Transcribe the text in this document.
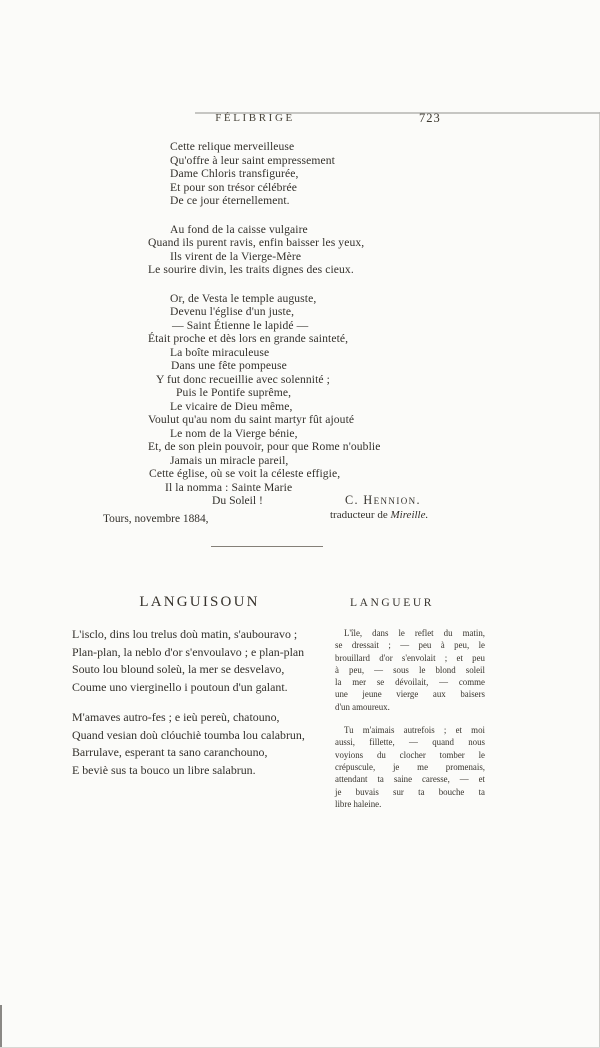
FÉLIBRIGE	723
Cette relique merveilleuse
Qu'offre à leur saint empressement
Dame Chloris transfigurée,
Et pour son trésor célébrée
De ce jour éternellement.
Au fond de la caisse vulgaire
Quand ils purent ravis, enfin baisser les yeux,
Ils virent de la Vierge-Mère
Le sourire divin, les traits dignes des cieux.
Or, de Vesta le temple auguste,
Devenu l'église d'un juste,
— Saint Étienne le lapidé —
Était proche et dès lors en grande sainteté,
La boîte miraculeuse
Dans une fête pompeuse
Y fut donc recueillie avec solennité ;
Puis le Pontife suprême,
Le vicaire de Dieu même,
Voulut qu'au nom du saint martyr fût ajouté
Le nom de la Vierge bénie,
Et, de son plein pouvoir, pour que Rome n'oublie
Jamais un miracle pareil,
Cette église, où se voit la céleste effigie,
Il la nomma : Sainte Marie
Du Soleil !	C. Hennion.
Tours, novembre 1884,	traducteur de Mireille.
LANGUISOUN
L'isclo, dins lou trelus doù matin, s'aubouravo ;
Plan-plan, la neblo d'or s'envoulavo ; e plan-plan
Souto lou blound soleù, la mer se desvelavo,
Coume uno vierginello i poutoun d'un galant.
M'amaves autro-fes ; e ieù pereù, chatouno,
Quand vesian doù clóuchiè toumba lou calabrun,
Barrulave, esperant ta sano caranchouno,
E beviè sus ta bouco un libre salabrun.
LANGUEUR
L'île, dans le reflet du matin,
se dressait ; — peu à peu, le
brouillard d'or s'envolait ; et peu
à peu, — sous le blond soleil
la mer se dévoilait, — comme
une jeune vierge aux baisers
d'un amoureux.
Tu m'aimais autrefois ; et moi
aussi, fillette, — quand nous
voyions du clocher tomber le
crépuscule, je me promenais,
attendant ta saine caresse, — et
je buvais sur ta bouche ta
libre haleine.
